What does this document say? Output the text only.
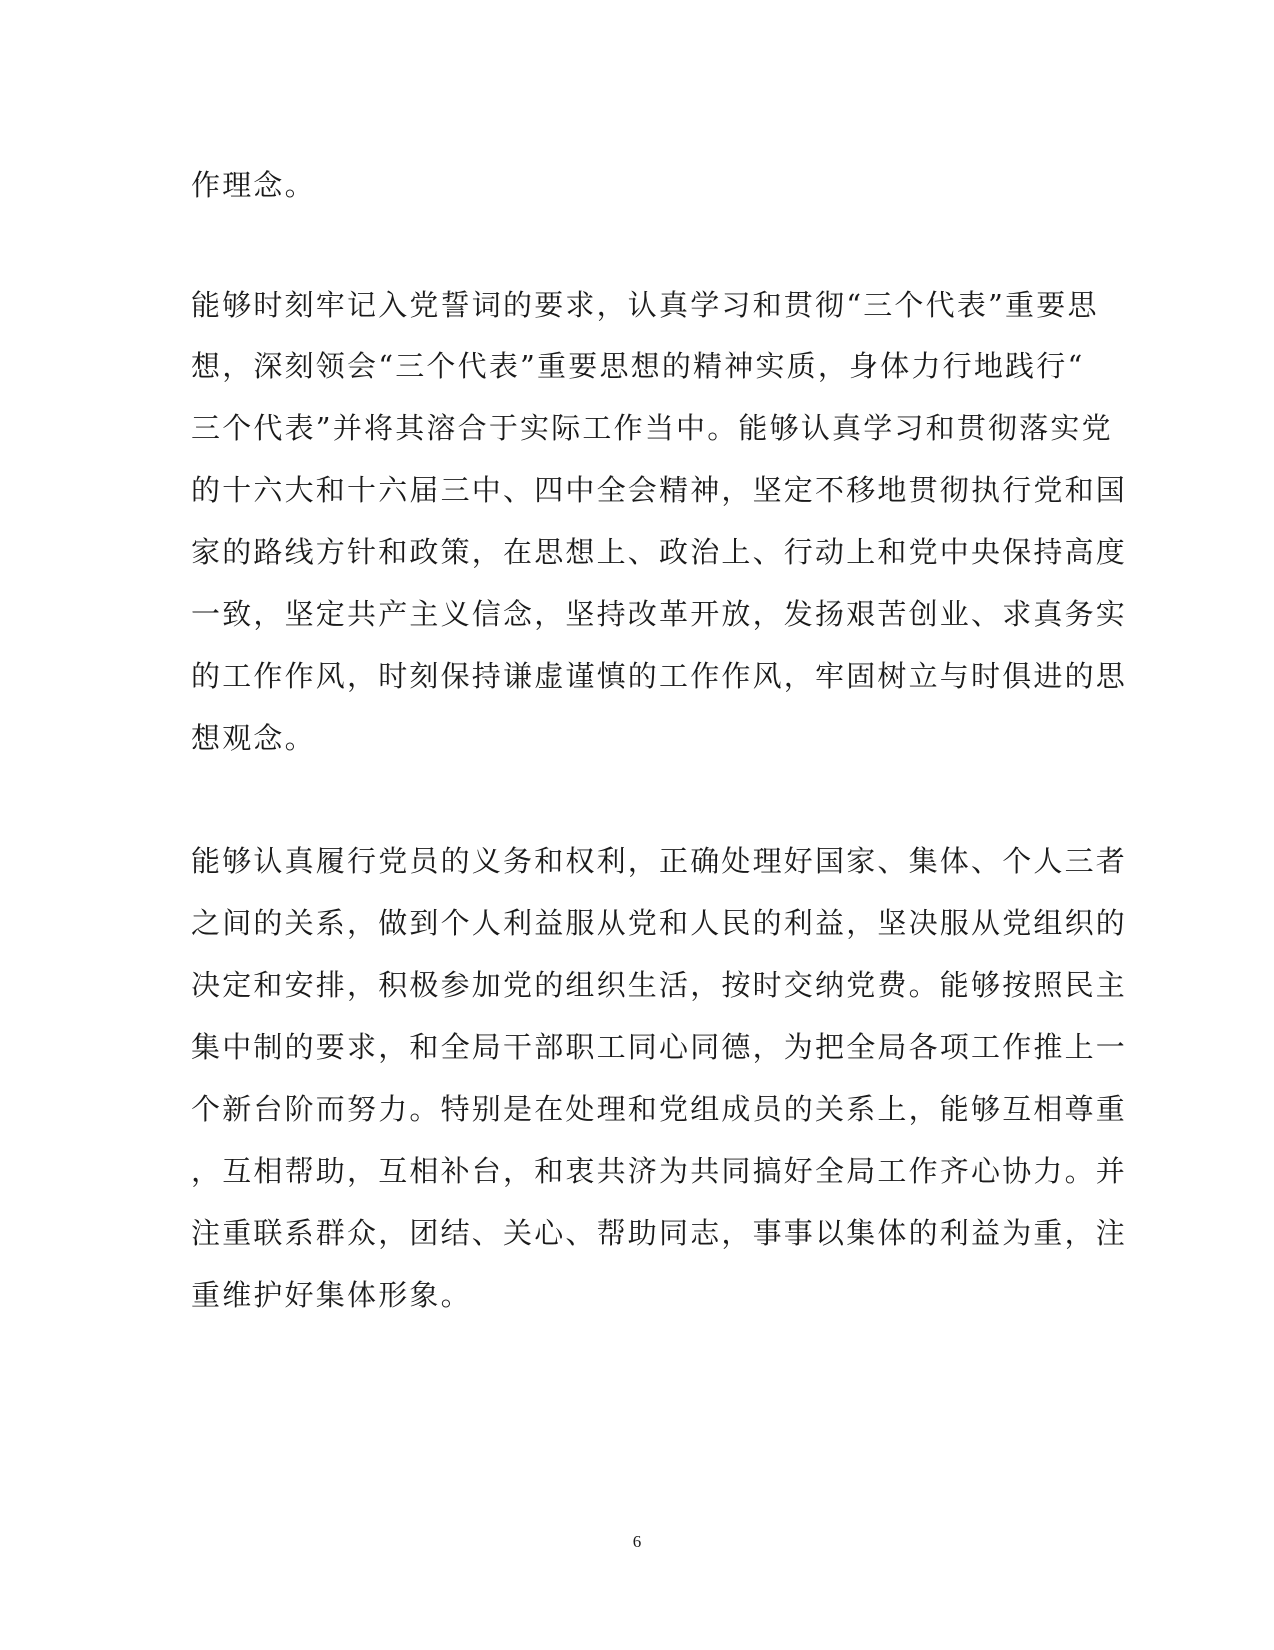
作理念。
能够时刻牢记入党誓词的要求，认真学习和贯彻“三个代表”重要思
想，深刻领会“三个代表”重要思想的精神实质，身体力行地践行“
三个代表”并将其溶合于实际工作当中。能够认真学习和贯彻落实党
的十六大和十六届三中、四中全会精神，坚定不移地贯彻执行党和国
家的路线方针和政策，在思想上、政治上、行动上和党中央保持高度
一致，坚定共产主义信念，坚持改革开放，发扬艰苦创业、求真务实
的工作作风，时刻保持谦虚谨慎的工作作风，牢固树立与时俱进的思
想观念。
能够认真履行党员的义务和权利，正确处理好国家、集体、个人三者
之间的关系，做到个人利益服从党和人民的利益，坚决服从党组织的
决定和安排，积极参加党的组织生活，按时交纳党费。能够按照民主
集中制的要求，和全局干部职工同心同德，为把全局各项工作推上一
个新台阶而努力。特别是在处理和党组成员的关系上，能够互相尊重
，互相帮助，互相补台，和衷共济为共同搞好全局工作齐心协力。并
注重联系群众，团结、关心、帮助同志，事事以集体的利益为重，注
重维护好集体形象。
6
